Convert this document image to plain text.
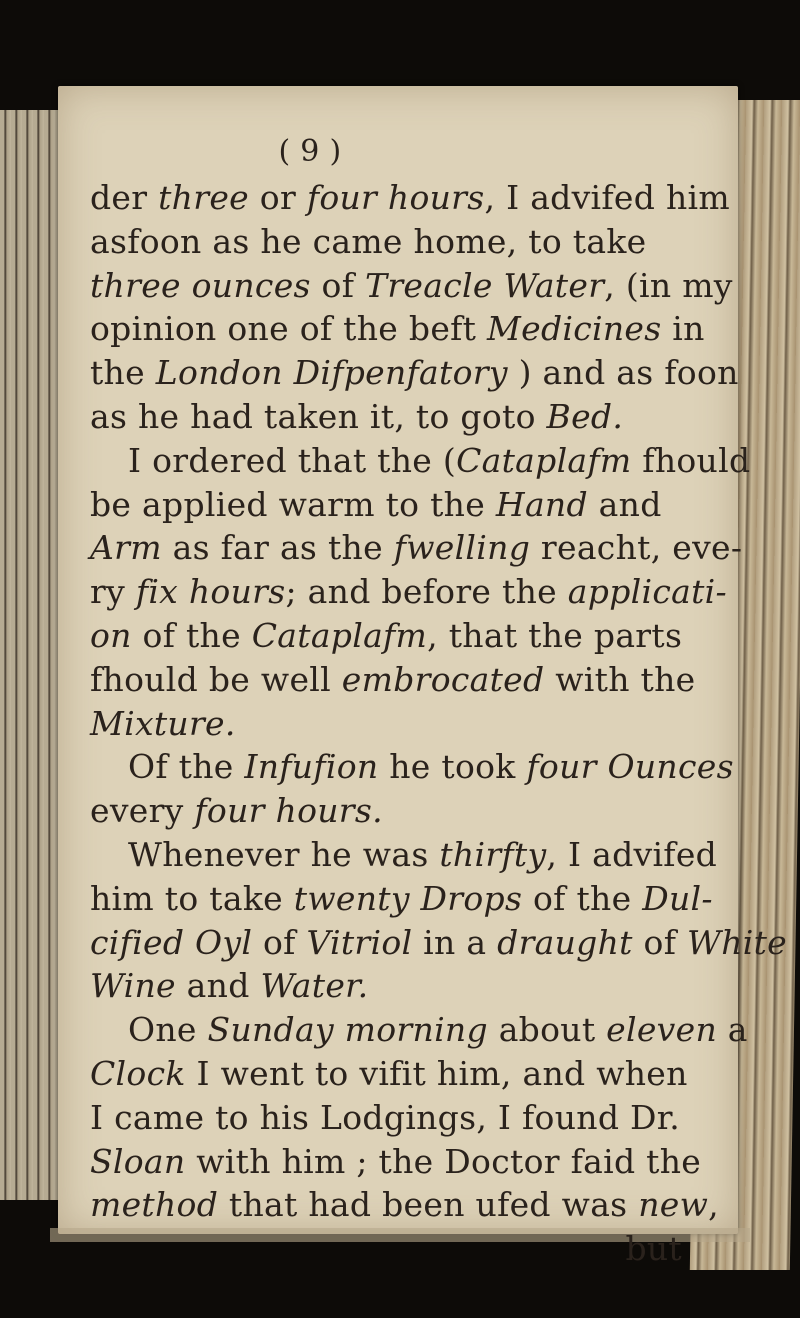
( 9 )
der three or four hours, I advifed him
asfoon as he came home, to take
three ounces of Treacle Water, (in my
opinion one of the beft Medicines in
the London Difpenfatory ) and as foon
as he had taken it, to goto Bed.
I ordered that the (Cataplafm fhould
be applied warm to the Hand and
Arm as far as the fwelling reacht, eve-
ry fix hours; and before the applicati-
on of the Cataplafm, that the parts
fhould be well embrocated with the
Mixture.
Of the Infufion he took four Ounces
every four hours.
Whenever he was thirfty, I advifed
him to take twenty Drops of the Dul-
cified Oyl of Vitriol in a draught of White
Wine and Water.
One Sunday morning about eleven a
Clock I went to vifit him, and when
I came to his Lodgings, I found Dr.
Sloan with him ; the Doctor faid the
method that had been ufed was new,
but
